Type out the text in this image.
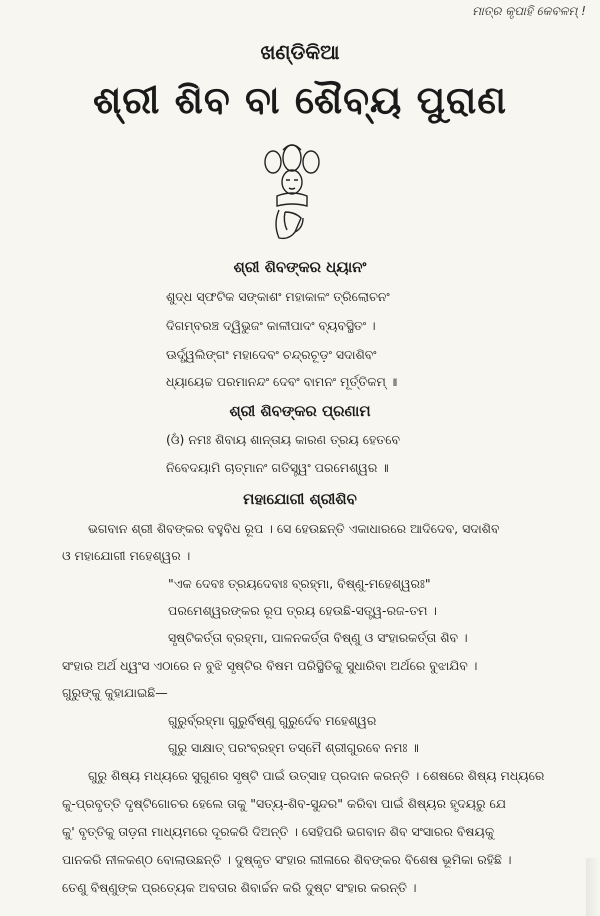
ମାତ୍ର କୃପାହି କେବଳମ୍ !
ଖଣ୍ଡିକିଆ
ଶ୍ରୀ ଶିବ ବା ଶୈବ୍ୟ ପୁରାଣ
ଶ୍ରୀ ଶିବଙ୍କର ଧ୍ୟାନଂ
ଶୁଦ୍ଧ ସ୍ଫଟିକ ସଙ୍କାଶଂ ମହାକାଳଂ ତ୍ରିଲୋଚନଂ
ଦିଗମ୍ବରଞ୍ଚ ଦ୍ୱିଭୁଜଂ କାଳୀପାଦଂ ବ୍ୟବସ୍ଥିତଂ ।
ଊର୍ଦ୍ଧ୍ୱଲିଙ୍ଗଂ ମହାଦେବଂ ଚନ୍ଦ୍ରଚୂଡ଼ଂ ସଦାଶିବଂ
ଧ୍ୟାୟେଚ୍ଚ ପରମାନନ୍ଦଂ ଦେବଂ ବାମନଂ ମୂର୍ତ୍ତିକମ୍ ॥
ଶ୍ରୀ ଶିବଙ୍କର ପ୍ରଣାମ
(ଓଁ) ନମଃ ଶିବାୟ ଶାନ୍ତାୟ କାରଣ ତ୍ରୟ ହେତବେ
ନିବେଦୟାମି ଚାତ୍ମାନଂ ଗତିସ୍ତ୍ୱଂ ପରମେଶ୍ୱର ॥
ମହାଯୋଗୀ ଶ୍ରୀଶିବ
ଭଗବାନ ଶ୍ରୀ ଶିବଙ୍କର ବହୁବିଧ ରୂପ । ସେ ହେଉଛନ୍ତି ଏକାଧାରରେ ଆଦିଦେବ, ସଦାଶିବ
ଓ ମହାଯୋଗୀ ମହେଶ୍ୱର ।
"ଏକ ଦେବଃ ତ୍ରୟଦେବାଃ ବ୍ରହ୍ମା, ବିଷ୍ଣୁ-ମହେଶ୍ୱରଃ"
ପରମେଶ୍ୱରଙ୍କର ରୂପ ତ୍ରୟ ହେଉଛି-ସତ୍ତ୍ୱ-ରଜ-ତମ ।
ସୃଷ୍ଟିକର୍ତ୍ତା ବ୍ରହ୍ମା, ପାଳନକର୍ତ୍ତା ବିଷ୍ଣୁ ଓ ସଂହାରକର୍ତ୍ତା ଶିବ ।
ସଂହାର ଅର୍ଥ ଧ୍ୱଂସ ଏଠାରେ ନ ବୁଝି ସୃଷ୍ଟିର ବିଷମ ପରିସ୍ଥିତିକୁ ସୁଧାରିବା ଅର୍ଥରେ ବୁଝାଯିବ ।
ଗୁରୁଙ୍କୁ କୁହାଯାଇଛି—
ଗୁରୁର୍ବ୍ରହ୍ମା ଗୁରୁର୍ବିଷ୍ଣୁ ଗୁରୁର୍ଦେବ ମହେଶ୍ୱର
ଗୁରୁ ସାକ୍ଷାତ୍ ପରଂବ୍ରହ୍ମ ତସ୍ମୈ ଶ୍ରୀଗୁରବେ ନମଃ ॥
ଗୁରୁ ଶିଷ୍ୟ ମଧ୍ୟରେ ସୁଗୁଣର ସୃଷ୍ଟି ପାଇଁ ଉତ୍ସାହ ପ୍ରଦାନ କରନ୍ତି । ଶେଷରେ ଶିଷ୍ୟ ମଧ୍ୟରେ
କୁ-ପ୍ରବୃତ୍ତି ଦୃଷ୍ଟିଗୋଚର ହେଲେ ତାକୁ "ସତ୍ୟ-ଶିବ-ସୁନ୍ଦର" କରିବା ପାଇଁ ଶିଷ୍ୟର ହୃଦୟରୁ ଯେ
କୁ' ବୃତ୍ତିକୁ ତାଡ଼ନା ମାଧ୍ୟମରେ ଦୂରକରି ଦିଅନ୍ତି । ସେହିପରି ଭଗବାନ ଶିବ ସଂସାରର ବିଷୟକୁ
ପାନକରି ନୀଳକଣ୍ଠ ବୋଲାଉଛନ୍ତି । ଦୁଷ୍କୃତ ସଂହାର ଲୀଳାରେ ଶିବଙ୍କର ବିଶେଷ ଭୂମିକା ରହିଛି ।
ତେଣୁ ବିଷ୍ଣୁଙ୍କ ପ୍ରତ୍ୟେକ ଅବତାର ଶିବାର୍ଚ୍ଚନ କରି ଦୁଷ୍ଟ ସଂହାର କରନ୍ତି ।
